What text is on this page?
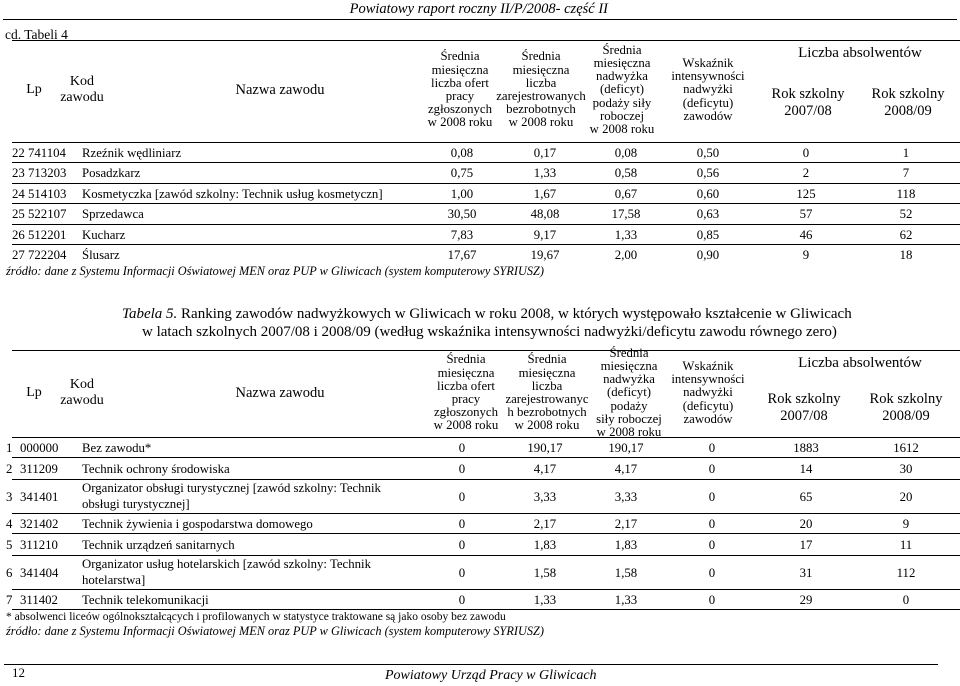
Powiatowy raport roczny II/P/2008- część II
cd. Tabeli 4
Lp
Kod
zawodu	Nazwa zawodu
Średnia
miesięczna
liczba ofert
pracy
zgłoszonych
w 2008 roku
Średnia
miesięczna
liczba
zarejestrowanych
bezrobotnych
w 2008 roku
Średnia
miesięczna
nadwyżka
(deficyt)
podaży siły
roboczej
w 2008 roku
Wskaźnik
intensywności
nadwyżki
(deficytu)
zawodów
Liczba absolwentów
Rok szkolny
2007/08
Rok szkolny
2008/09
22 741104 Rzeźnik wędliniarz	0,08	0,17	0,08	0,50	0	1
23 713203 Posadzkarz	0,75	1,33	0,58	0,56	2	7
24 514103 Kosmetyczka [zawód szkolny: Technik usług kosmetyczn]	1,00	1,67	0,67	0,60	125	118
25 522107 Sprzedawca	30,50	48,08	17,58	0,63	57	52
26 512201 Kucharz	7,83	9,17	1,33	0,85	46	62
27 722204 Ślusarz	17,67	19,67	2,00	0,90	9	18
źródło: dane z Systemu Informacji Oświatowej MEN oraz PUP w Gliwicach (system komputerowy SYRIUSZ)
Tabela 5. Ranking zawodów nadwyżkowych w Gliwicach w roku 2008, w których występowało kształcenie w Gliwicach
w latach szkolnych 2007/08 i 2008/09 (według wskaźnika intensywności nadwyżki/deficytu zawodu równego zero)
Lp
Kod
zawodu	Nazwa zawodu
Średnia
miesięczna
liczba ofert
pracy
zgłoszonych
w 2008 roku
Średnia
miesięczna
liczba
zarejestrowanyc
h bezrobotnych
w 2008 roku
Średnia
miesięczna
nadwyżka
(deficyt) podaży
siły roboczej
w 2008 roku
Wskaźnik
intensywności
nadwyżki
(deficytu)
zawodów
Liczba absolwentów
Rok szkolny
2007/08
Rok szkolny
2008/09
1 000000 Bez zawodu*	0	190,17	190,17	0	1883	1612
2 311209 Technik ochrony środowiska	0	4,17	4,17	0	14	30
3 341401
Organizator obsługi turystycznej [zawód szkolny: Technik
obsługi turystycznej]	0	3,33	3,33	0	65	20
4 321402 Technik żywienia i gospodarstwa domowego	0	2,17	2,17	0	20	9
5 311210 Technik urządzeń sanitarnych	0	1,83	1,83	0	17	11
6 341404
Organizator usług hotelarskich [zawód szkolny: Technik
hotelarstwa]	0	1,58	1,58	0	31	112
7 311402 Technik telekomunikacji	0	1,33	1,33	0	29	0
* absolwenci liceów ogólnokształcących i profilowanych w statystyce traktowane są jako osoby bez zawodu
źródło: dane z Systemu Informacji Oświatowej MEN oraz PUP w Gliwicach (system komputerowy SYRIUSZ)
12	Powiatowy Urząd Pracy w Gliwicach
